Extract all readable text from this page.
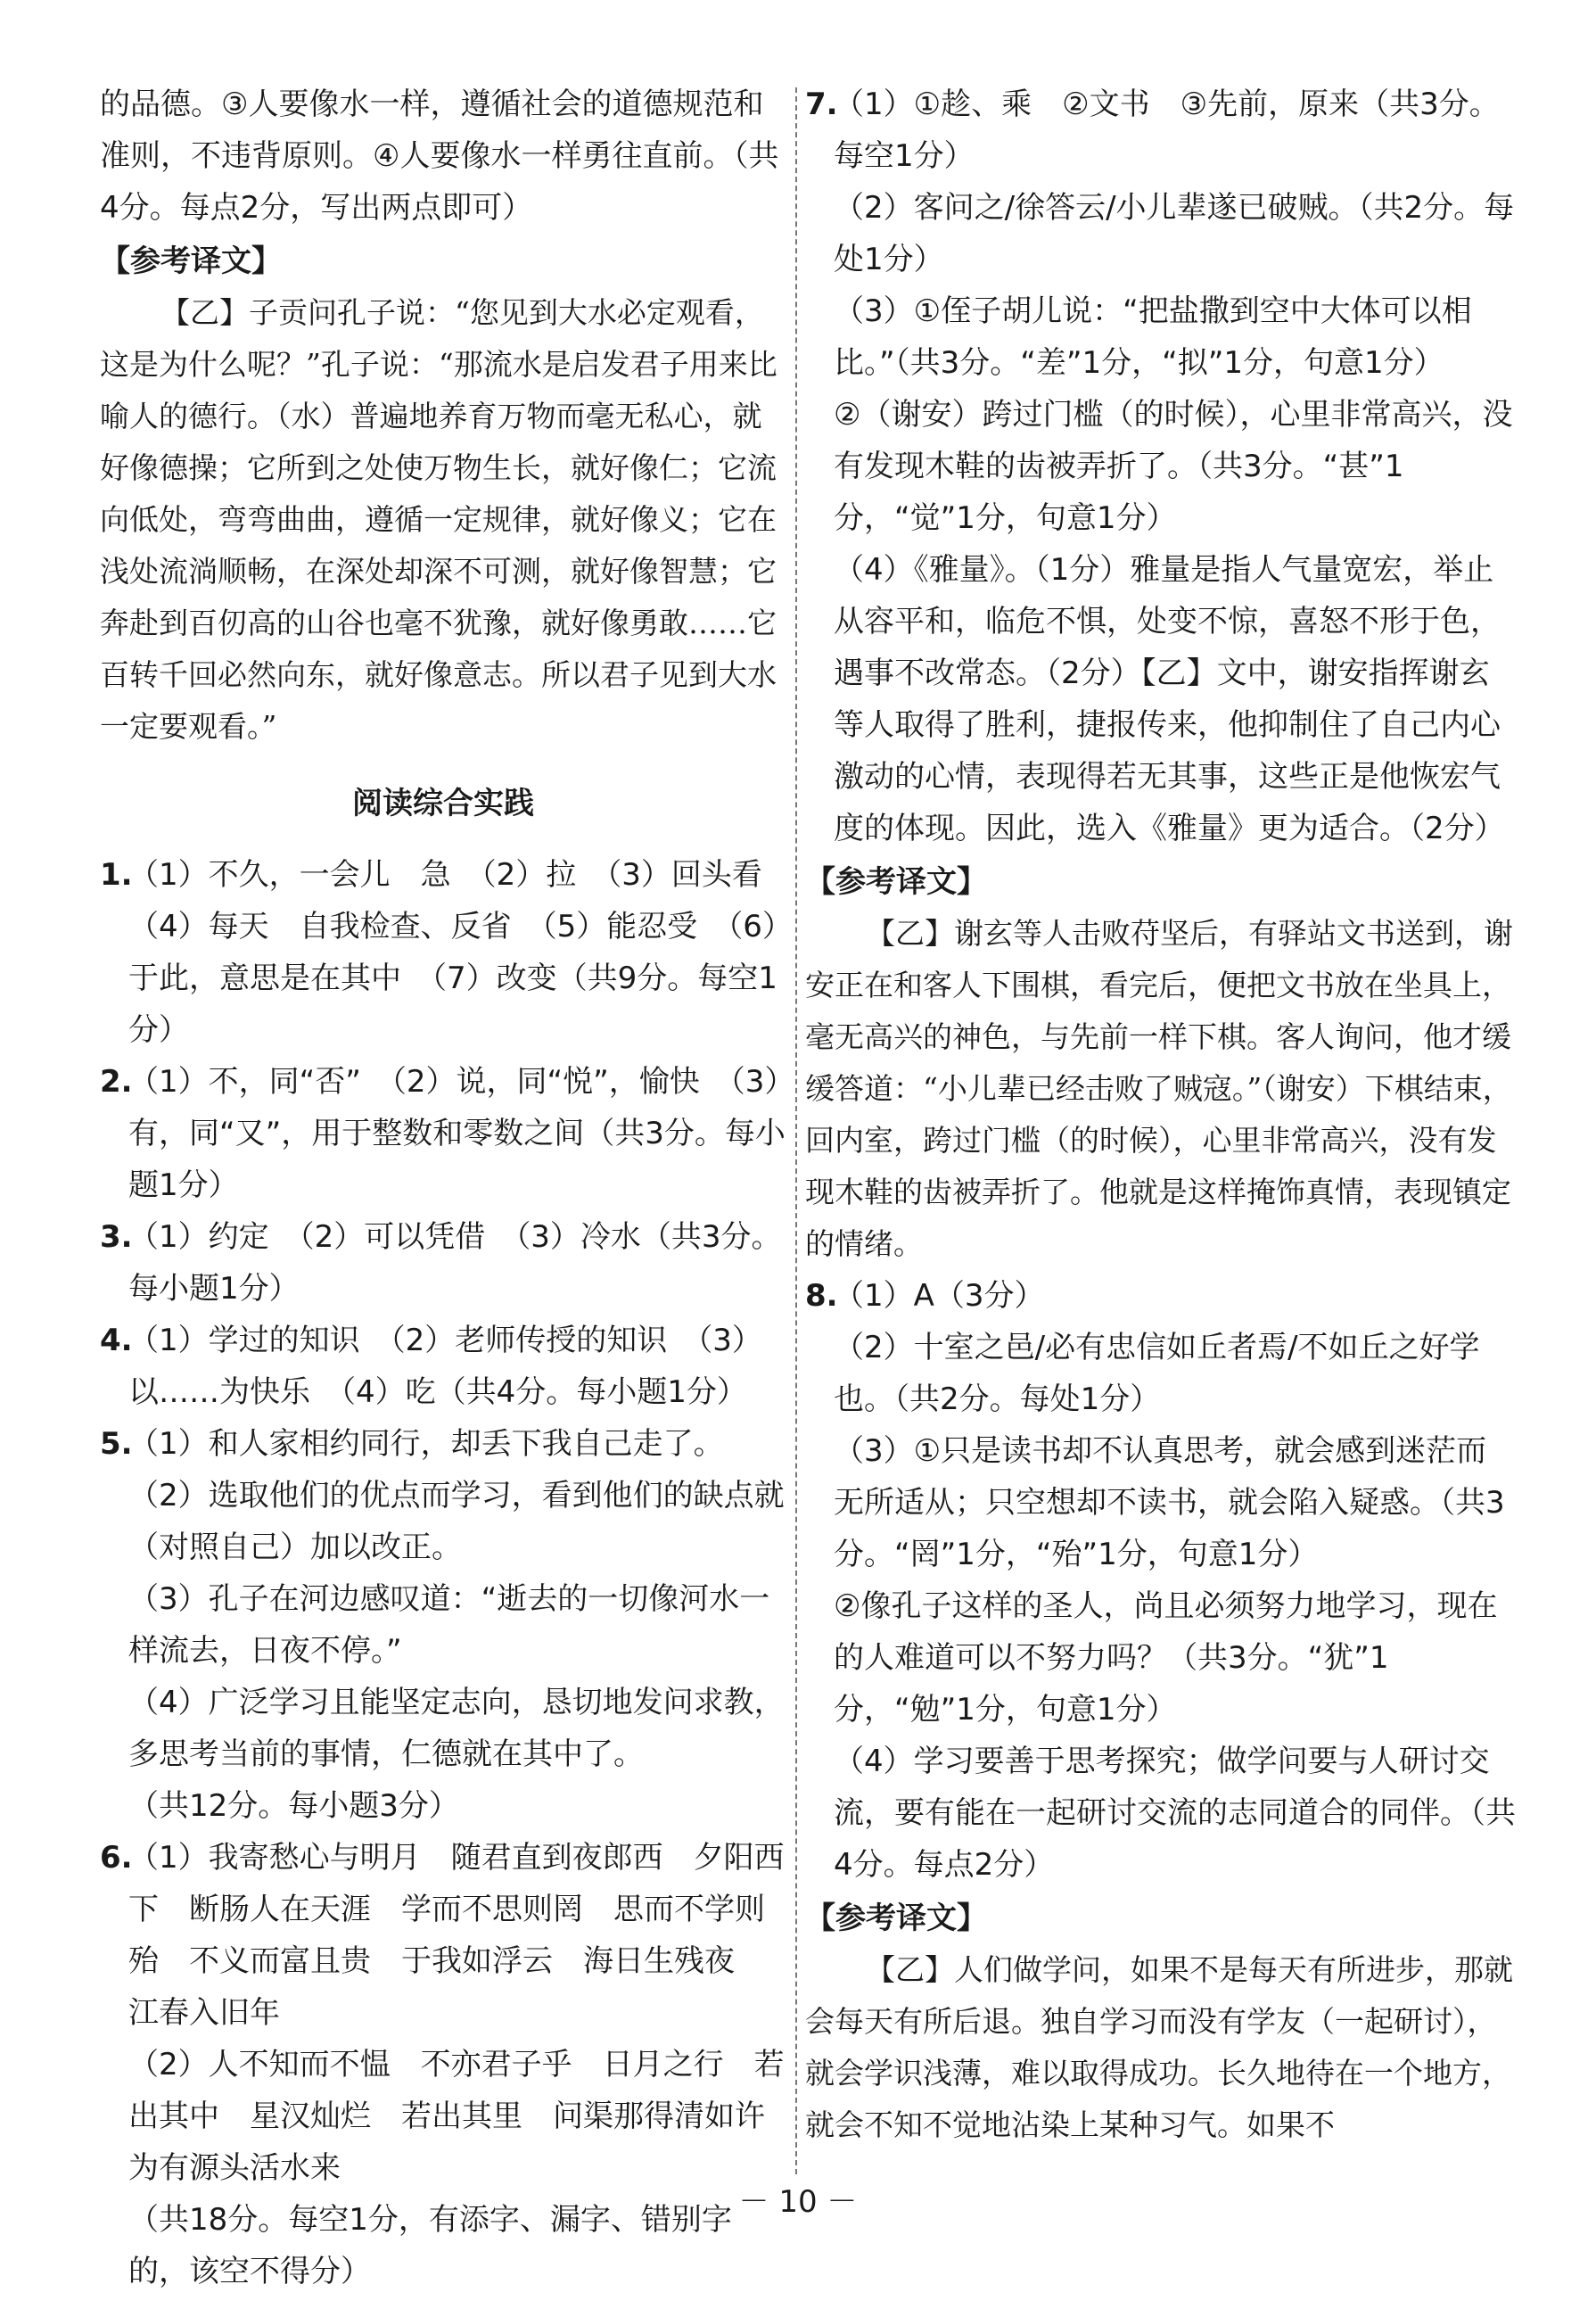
的品德。③人要像水一样，遵循社会的道德规范和准则，不违背原则。④人要像水一样勇往直前。（共4分。每点2分，写出两点即可）

【参考译文】

【乙】子贡问孔子说：“您见到大水必定观看，这是为什么呢？”孔子说：“那流水是启发君子用来比喻人的德行。（水）普遍地养育万物而毫无私心，就好像德操；它所到之处使万物生长，就好像仁；它流向低处，弯弯曲曲，遵循一定规律，就好像义；它在浅处流淌顺畅，在深处却深不可测，就好像智慧；它奔赴到百仞高的山谷也毫不犹豫，就好像勇敢……它百转千回必然向东，就好像意志。所以君子见到大水一定要观看。”

阅读综合实践

1.

（1）不久，一会儿　急　（2）拉　（3）回头看　（4）每天　自我检查、反省　（5）能忍受　（6）于此，意思是在其中　（7）改变（共9分。每空1分）

2.

（1）不，同“否”　（2）说，同“悦”，愉快　（3）有，同“又”，用于整数和零数之间（共3分。每小题1分）

3.

（1）约定　（2）可以凭借　（3）冷水（共3分。每小题1分）

4.

（1）学过的知识　（2）老师传授的知识　（3）以……为快乐　（4）吃（共4分。每小题1分）

5.

（1）和人家相约同行，却丢下我自己走了。

（2）选取他们的优点而学习，看到他们的缺点就（对照自己）加以改正。

（3）孔子在河边感叹道：“逝去的一切像河水一样流去，日夜不停。”

（4）广泛学习且能坚定志向，恳切地发问求教，多思考当前的事情，仁德就在其中了。

（共12分。每小题3分）

6.

（1）我寄愁心与明月　随君直到夜郎西　夕阳西下　断肠人在天涯　学而不思则罔　思而不学则殆　不义而富且贵　于我如浮云　海日生残夜　江春入旧年

（2）人不知而不愠　不亦君子乎　日月之行　若出其中　星汉灿烂　若出其里　问渠那得清如许　为有源头活水来

（共18分。每空1分，有添字、漏字、错别字的，该空不得分）

7.

（1）①趁、乘　②文书　③先前，原来（共3分。每空1分）

（2）客问之/徐答云/小儿辈遂已破贼。（共2分。每处1分）

（3）①侄子胡儿说：“把盐撒到空中大体可以相比。”（共3分。“差”1分，“拟”1分，句意1分）

②（谢安）跨过门槛（的时候），心里非常高兴，没有发现木鞋的齿被弄折了。（共3分。“甚”1分，“觉”1分，句意1分）

（4）《雅量》。（1分）雅量是指人气量宽宏，举止从容平和，临危不惧，处变不惊，喜怒不形于色，遇事不改常态。（2分）【乙】文中，谢安指挥谢玄等人取得了胜利，捷报传来，他抑制住了自己内心激动的心情，表现得若无其事，这些正是他恢宏气度的体现。因此，选入《雅量》更为适合。（2分）

【参考译文】

【乙】谢玄等人击败苻坚后，有驿站文书送到，谢安正在和客人下围棋，看完后，便把文书放在坐具上，毫无高兴的神色，与先前一样下棋。客人询问，他才缓缓答道：“小儿辈已经击败了贼寇。”（谢安）下棋结束，回内室，跨过门槛（的时候），心里非常高兴，没有发现木鞋的齿被弄折了。他就是这样掩饰真情，表现镇定的情绪。

8.

（1）A（3分）

（2）十室之邑/必有忠信如丘者焉/不如丘之好学也。（共2分。每处1分）

（3）①只是读书却不认真思考，就会感到迷茫而无所适从；只空想却不读书，就会陷入疑惑。（共3分。“罔”1分，“殆”1分，句意1分）

②像孔子这样的圣人，尚且必须努力地学习，现在的人难道可以不努力吗？（共3分。“犹”1分，“勉”1分，句意1分）

（4）学习要善于思考探究；做学问要与人研讨交流，要有能在一起研讨交流的志同道合的同伴。（共4分。每点2分）

【参考译文】

【乙】人们做学问，如果不是每天有所进步，那就会每天有所后退。独自学习而没有学友（一起研讨），就会学识浅薄，难以取得成功。长久地待在一个地方，就会不知不觉地沾染上某种习气。如果不

－ 10 －
